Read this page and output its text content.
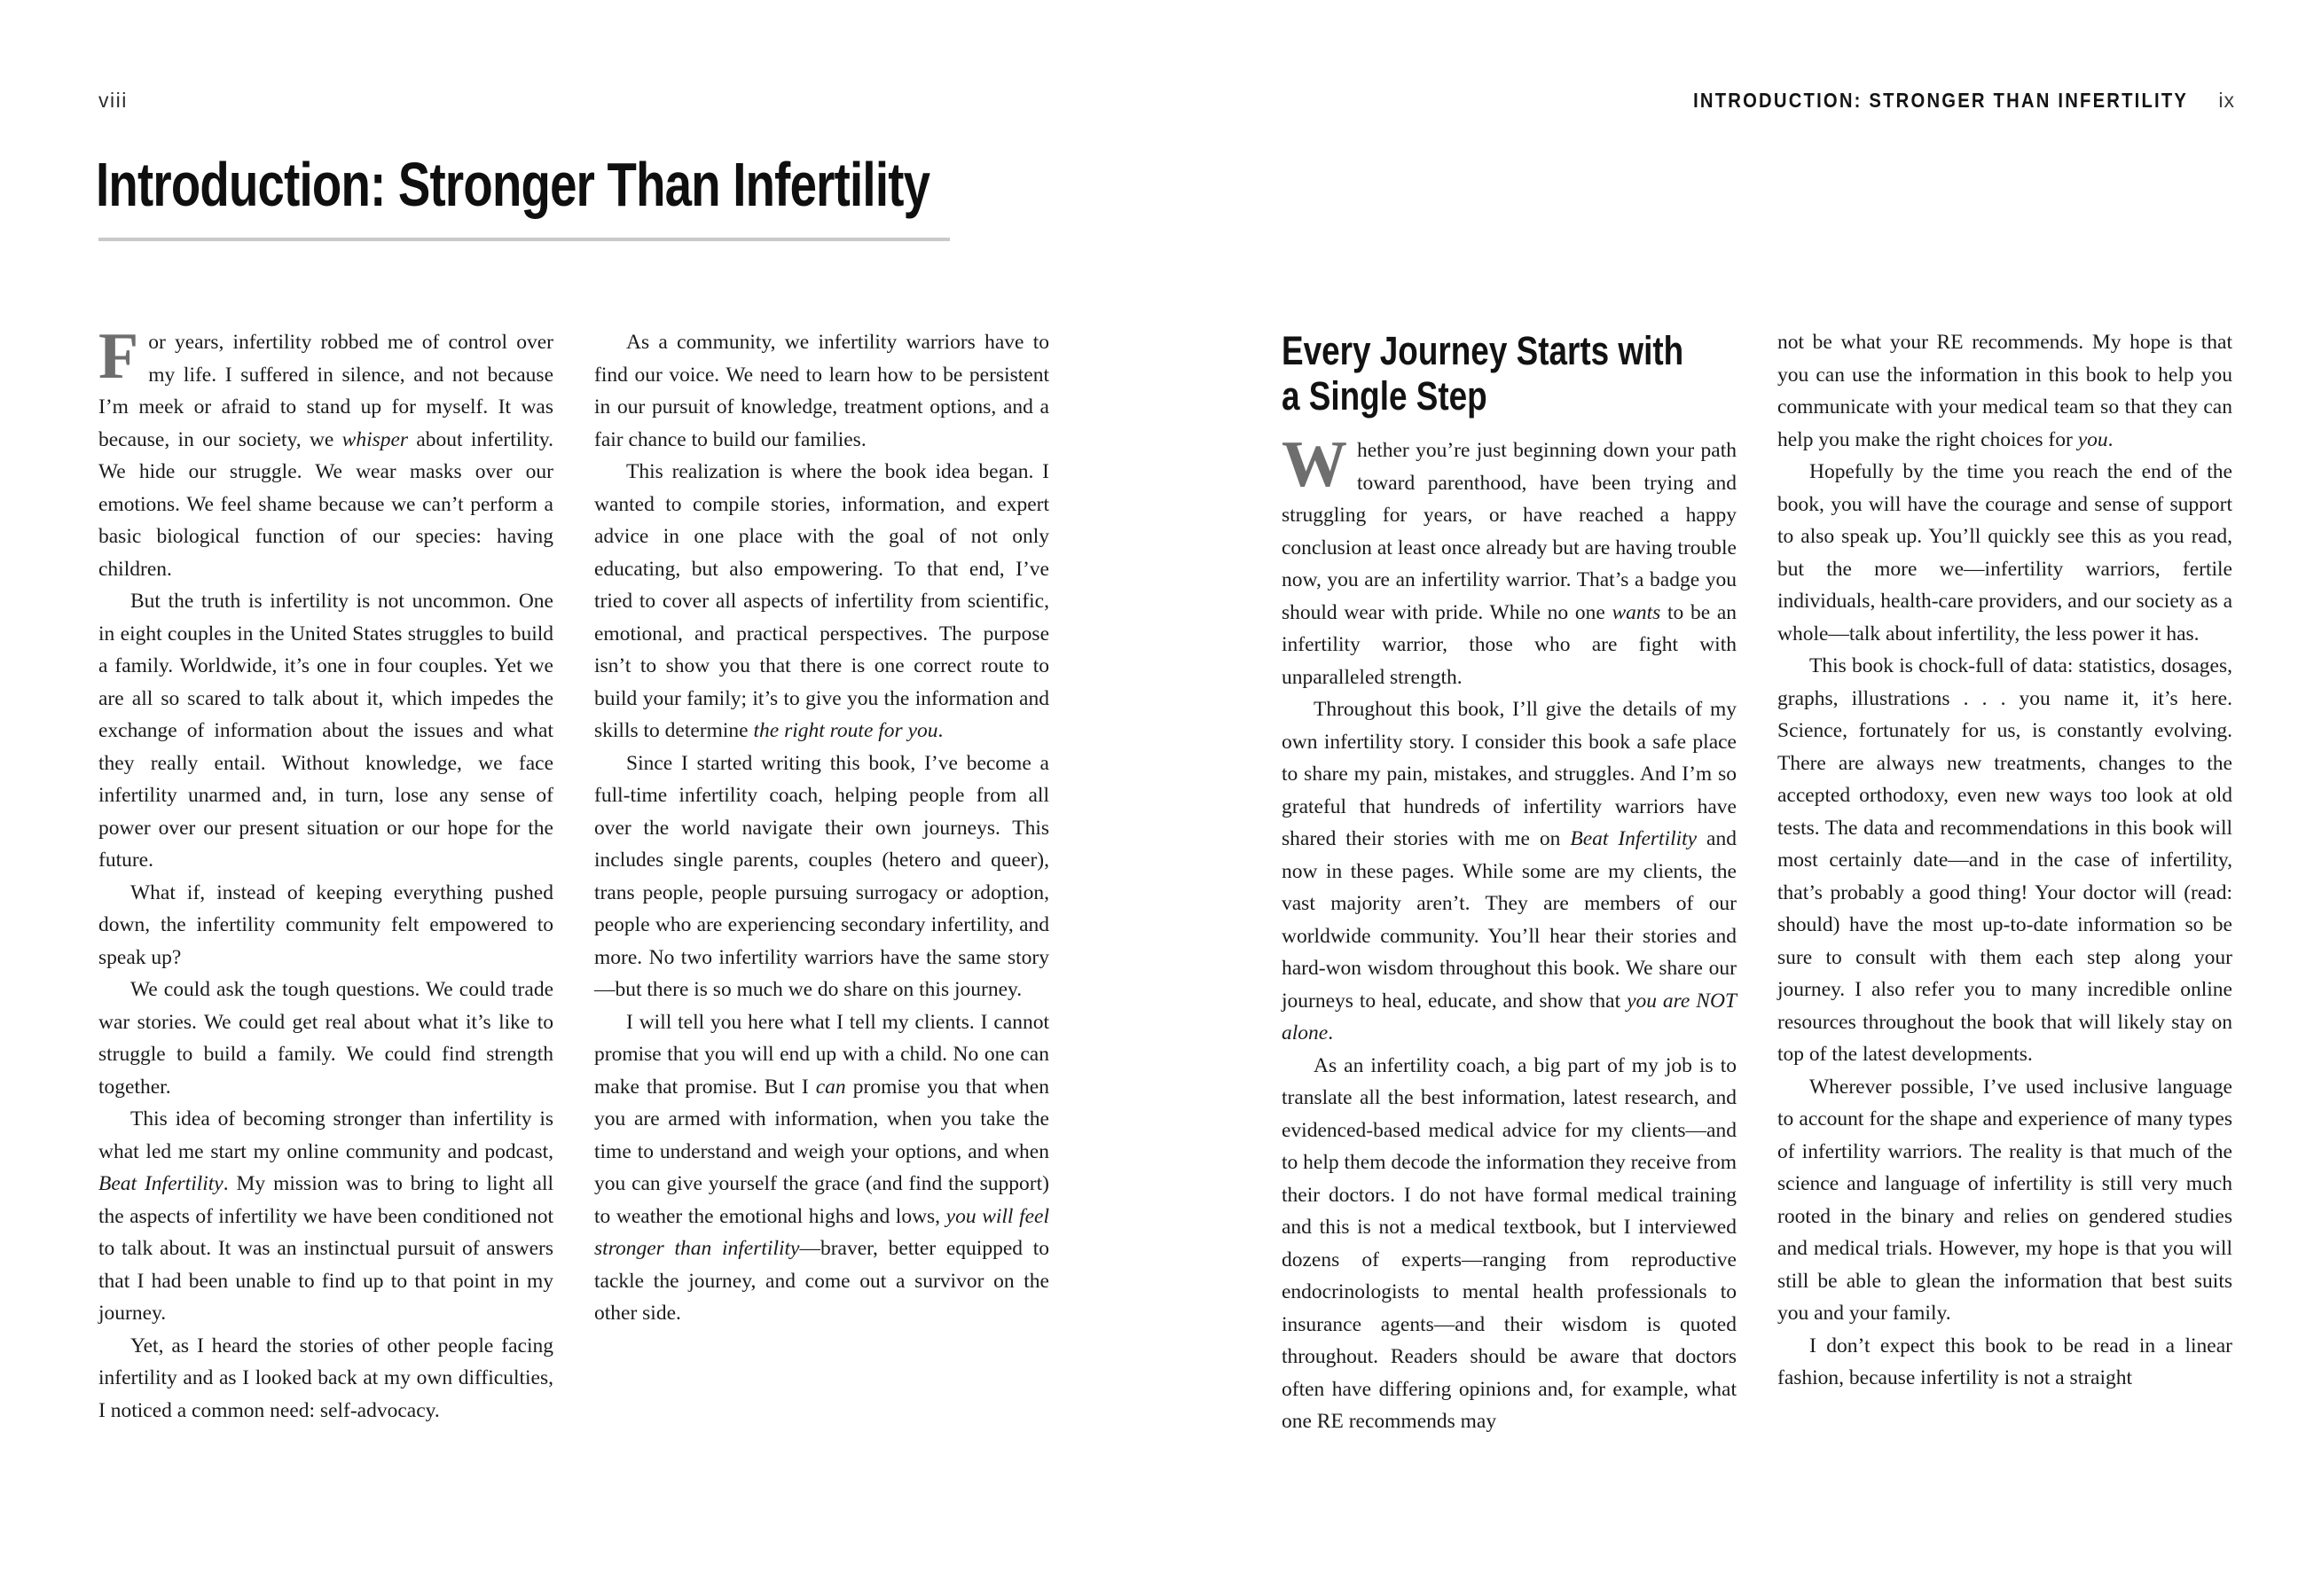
viii
Introduction: Stronger Than Infertility
INTRODUCTION: STRONGER THAN INFERTILITY ix

For years, infertility robbed me of control over my life. I suffered in silence, and not because I’m meek or afraid to stand up for myself. It was because, in our society, we whisper about infertility. We hide our struggle. We wear masks over our emotions. We feel shame because we can’t perform a basic biological function of our species: having children.

But the truth is infertility is not uncommon. One in eight couples in the United States struggles to build a family. Worldwide, it’s one in four couples. Yet we are all so scared to talk about it, which impedes the exchange of information about the issues and what they really entail. Without knowledge, we face infertility unarmed and, in turn, lose any sense of power over our present situation or our hope for the future.

What if, instead of keeping everything pushed down, the infertility community felt empowered to speak up?

We could ask the tough questions. We could trade war stories. We could get real about what it’s like to struggle to build a family. We could find strength together.

This idea of becoming stronger than infertility is what led me start my online community and podcast, Beat Infertility. My mission was to bring to light all the aspects of infertility we have been conditioned not to talk about. It was an instinctual pursuit of answers that I had been unable to find up to that point in my journey.

Yet, as I heard the stories of other people facing infertility and as I looked back at my own difficulties, I noticed a common need: self-advocacy.

As a community, we infertility warriors have to find our voice. We need to learn how to be persistent in our pursuit of knowledge, treatment options, and a fair chance to build our families.

This realization is where the book idea began. I wanted to compile stories, information, and expert advice in one place with the goal of not only educating, but also empowering. To that end, I’ve tried to cover all aspects of infertility from scientific, emotional, and practical perspectives. The purpose isn’t to show you that there is one correct route to build your family; it’s to give you the information and skills to determine the right route for you.

Since I started writing this book, I’ve become a full-time infertility coach, helping people from all over the world navigate their own journeys. This includes single parents, couples (hetero and queer), trans people, people pursuing surrogacy or adoption, people who are experiencing secondary infertility, and more. No two infertility warriors have the same story—but there is so much we do share on this journey.

I will tell you here what I tell my clients. I cannot promise that you will end up with a child. No one can make that promise. But I can promise you that when you are armed with information, when you take the time to understand and weigh your options, and when you can give yourself the grace (and find the support) to weather the emotional highs and lows, you will feel stronger than infertility—braver, better equipped to tackle the journey, and come out a survivor on the other side.

Every Journey Starts with
a Single Step

Whether you’re just beginning down your path toward parenthood, have been trying and struggling for years, or have reached a happy conclusion at least once already but are having trouble now, you are an infertility warrior. That’s a badge you should wear with pride. While no one wants to be an infertility warrior, those who are fight with unparalleled strength.

Throughout this book, I’ll give the details of my own infertility story. I consider this book a safe place to share my pain, mistakes, and struggles. And I’m so grateful that hundreds of infertility warriors have shared their stories with me on Beat Infertility and now in these pages. While some are my clients, the vast majority aren’t. They are members of our worldwide community. You’ll hear their stories and hard-won wisdom throughout this book. We share our journeys to heal, educate, and show that you are NOT alone.

As an infertility coach, a big part of my job is to translate all the best information, latest research, and evidenced-based medical advice for my clients—and to help them decode the information they receive from their doctors. I do not have formal medical training and this is not a medical textbook, but I interviewed dozens of experts—ranging from reproductive endocrinologists to mental health professionals to insurance agents—and their wisdom is quoted throughout. Readers should be aware that doctors often have differing opinions and, for example, what one RE recommends may

not be what your RE recommends. My hope is that you can use the information in this book to help you communicate with your medical team so that they can help you make the right choices for you.

Hopefully by the time you reach the end of the book, you will have the courage and sense of support to also speak up. You’ll quickly see this as you read, but the more we—infertility warriors, fertile individuals, health-care providers, and our society as a whole—talk about infertility, the less power it has.

This book is chock-full of data: statistics, dosages, graphs, illustrations . . . you name it, it’s here. Science, fortunately for us, is constantly evolving. There are always new treatments, changes to the accepted orthodoxy, even new ways too look at old tests. The data and recommendations in this book will most certainly date—and in the case of infertility, that’s probably a good thing! Your doctor will (read: should) have the most up-to-date information so be sure to consult with them each step along your journey. I also refer you to many incredible online resources throughout the book that will likely stay on top of the latest developments.

Wherever possible, I’ve used inclusive language to account for the shape and experience of many types of infertility warriors. The reality is that much of the science and language of infertility is still very much rooted in the binary and relies on gendered studies and medical trials. However, my hope is that you will still be able to glean the information that best suits you and your family.

I don’t expect this book to be read in a linear fashion, because infertility is not a straight
